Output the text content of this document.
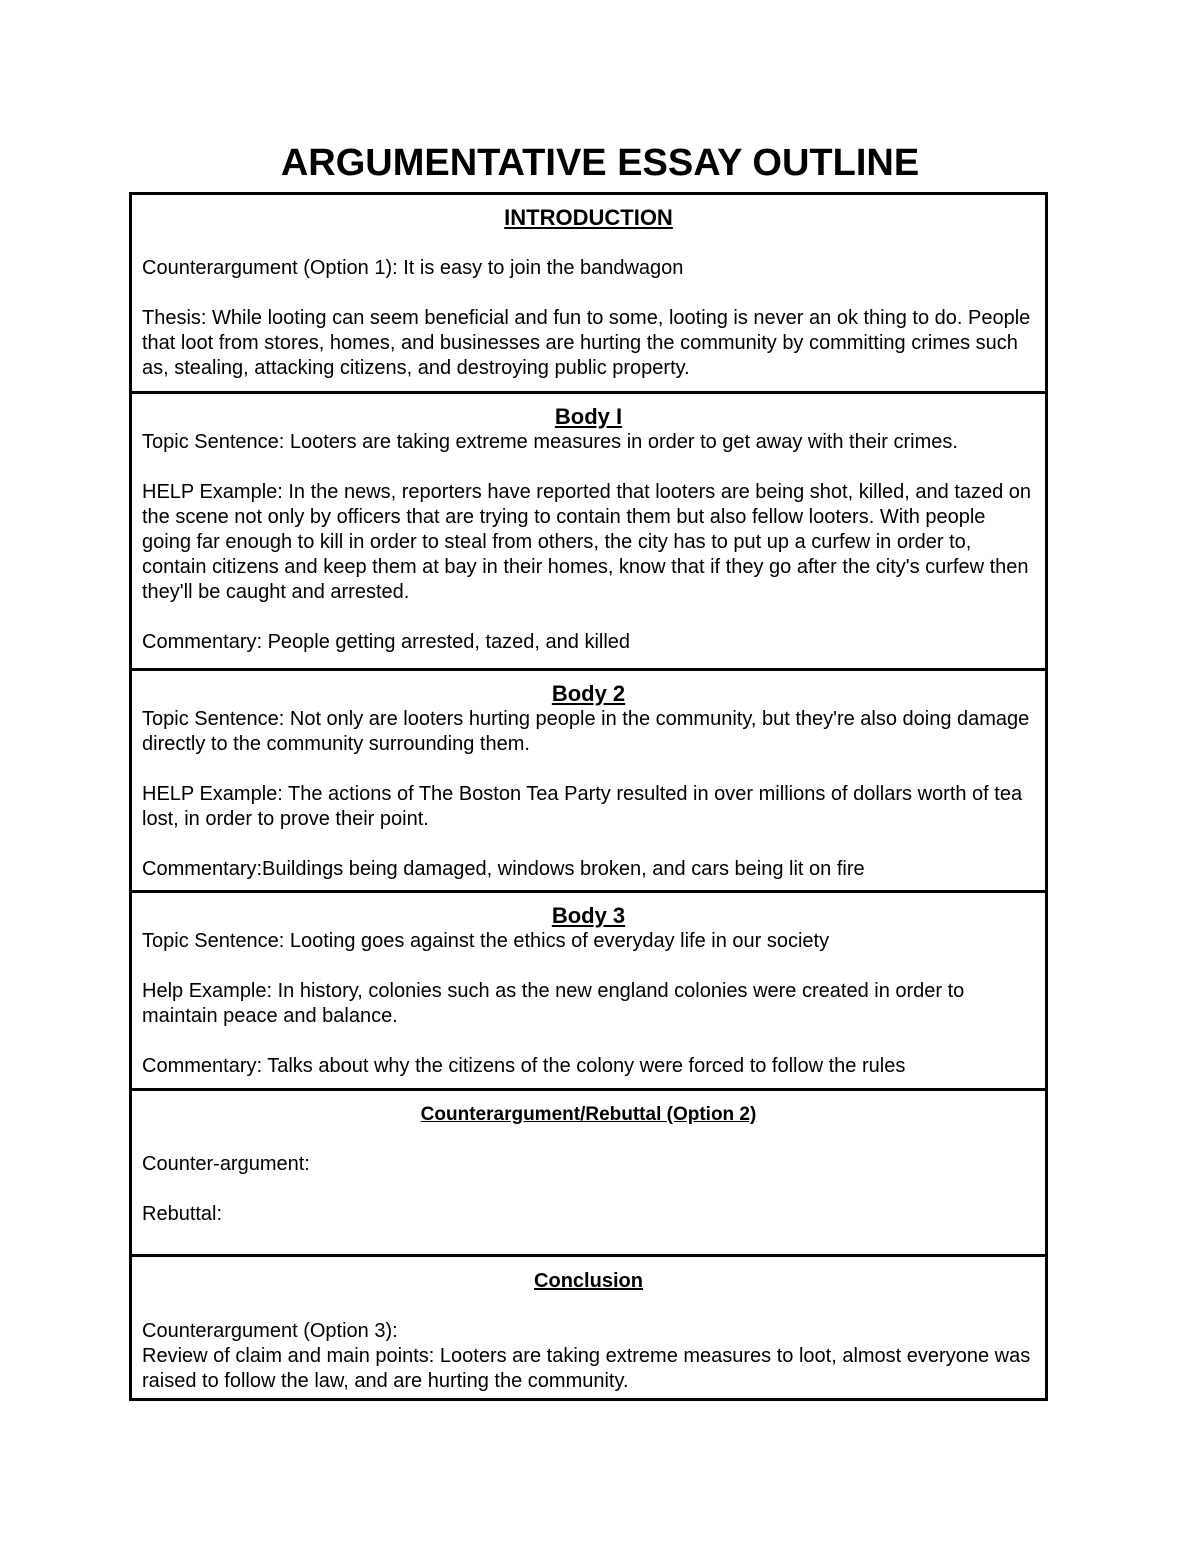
ARGUMENTATIVE ESSAY OUTLINE

INTRODUCTION

Counterargument (Option 1): It is easy to join the bandwagon

Thesis: While looting can seem beneficial and fun to some, looting is never an ok thing to do. People that loot from stores, homes, and businesses are hurting the community by committing crimes such as, stealing, attacking citizens, and destroying public property.

Body I

Topic Sentence: Looters are taking extreme measures in order to get away with their crimes.

HELP Example: In the news, reporters have reported that looters are being shot, killed, and tazed on the scene not only by officers that are trying to contain them but also fellow looters. With people going far enough to kill in order to steal from others, the city has to put up a curfew in order to, contain citizens and keep them at bay in their homes, know that if they go after the city's curfew then they'll be caught and arrested.

Commentary: People getting arrested, tazed, and killed

Body 2

Topic Sentence: Not only are looters hurting people in the community, but they're also doing damage directly to the community surrounding them.

HELP Example: The actions of The Boston Tea Party resulted in over millions of dollars worth of tea lost, in order to prove their point.

Commentary:Buildings being damaged, windows broken, and cars being lit on fire

Body 3

Topic Sentence: Looting goes against the ethics of everyday life in our society

Help Example: In history, colonies such as the new england colonies were created in order to maintain peace and balance.

Commentary: Talks about why the citizens of the colony were forced to follow the rules

Counterargument/Rebuttal (Option 2)

Counter-argument:

Rebuttal:

Conclusion

Counterargument (Option 3):

Review of claim and main points: Looters are taking extreme measures to loot, almost everyone was raised to follow the law, and are hurting the community.
